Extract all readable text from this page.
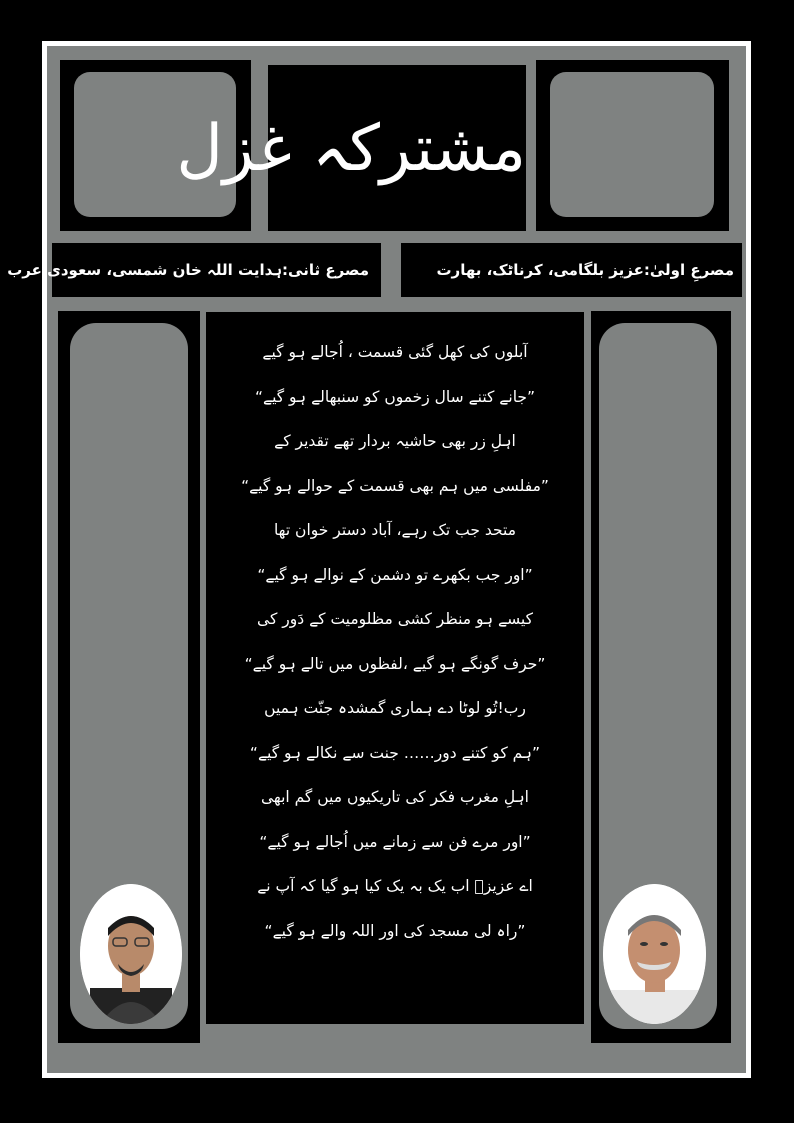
مشترکہ غزل
مصرع ثانی:ہدایت اللہ خان شمسی، سعودی عرب	مصرعِ اولیٰ:عزیز بلگامی، کرناٹک، بھارت
آبلوں کی کھل گئی قسمت ، اُجالے ہو گیے
”جانے کتنے سال زخموں کو سنبھالے ہو گیے“
اہلِ زر بھی حاشیہ بردار تھے تقدیر کے
”مفلسی میں ہم بھی قسمت کے حوالے ہو گیے“
متحد جب تک رہے، آباد دستر خوان تھا
”اور جب بکھرے تو دشمن کے نوالے ہو گیے“
کیسے ہو منظر کشی مظلومیت کے دَور کی
”حرف گونگے ہو گیے ،لفظوں میں تالے ہو گیے“
رب!تُو لوٹا دے ہماری گمشدہ جنّت ہمیں
”ہم کو کتنے دور…… جنت سے نکالے ہو گیے“
اہلِ مغرب فکر کی تاریکیوں میں گم ابھی
”اور مرے فن سے زمانے میں اُجالے ہو گیے“
اے عزیزؔ اب یک بہ یک کیا ہو گیا کہ آپ نے
”راہ لی مسجد کی اور اللہ والے ہو گیے“
